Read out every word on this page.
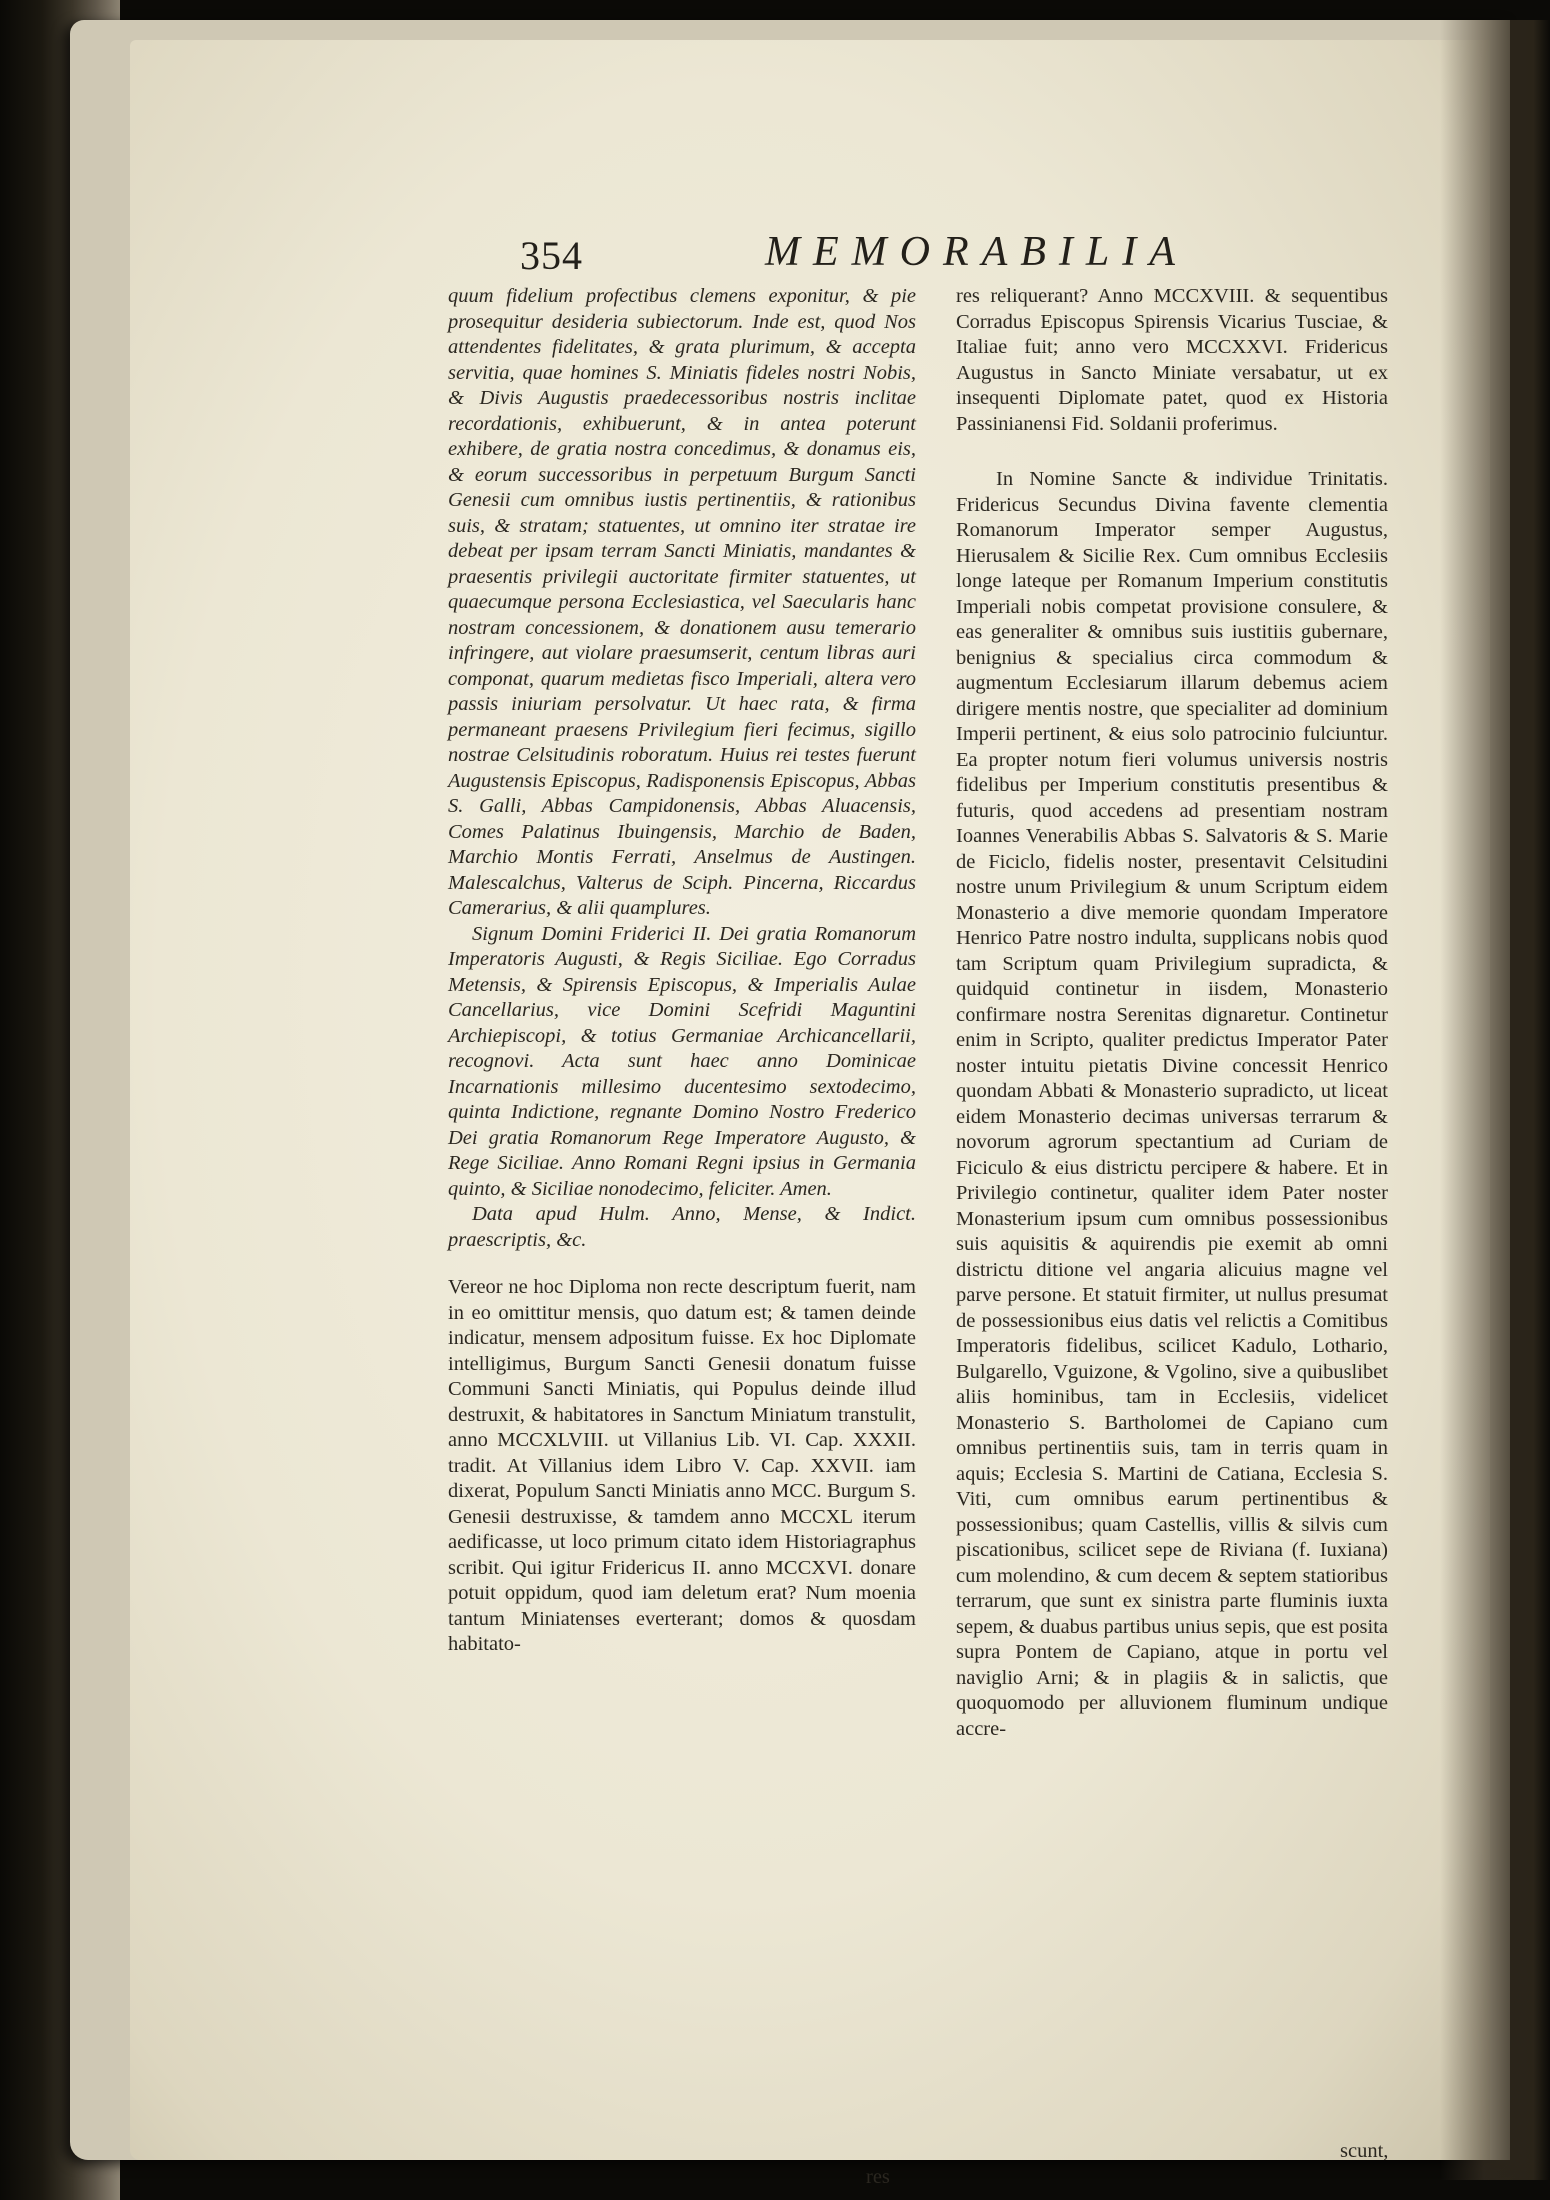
354	MEMORABILIA

quum fidelium profectibus clemens exponitur, & pie prosequitur desideria subiectorum. Inde est, quod Nos attendentes fidelitates, & grata plurimum, & accepta servitia, quae homines S. Miniatis fideles nostri Nobis, & Divis Augustis praedecessoribus nostris inclitae recordationis, exhibuerunt, & in antea poterunt exhibere, de gratia nostra concedimus, & donamus eis, & eorum successoribus in perpetuum Burgum Sancti Genesii cum omnibus iustis pertinentiis, & rationibus suis, & stratam; statuentes, ut omnino iter stratae ire debeat per ipsam terram Sancti Miniatis, mandantes & praesentis privilegii auctoritate firmiter statuentes, ut quaecumque persona Ecclesiastica, vel Saecularis hanc nostram concessionem, & donationem ausu temerario infringere, aut violare praesumserit, centum libras auri componat, quarum medietas fisco Imperiali, altera vero passis iniuriam persolvatur. Ut haec rata, & firma permaneant praesens Privilegium fieri fecimus, sigillo nostrae Celsitudinis roboratum. Huius rei testes fuerunt Augustensis Episcopus, Radisponensis Episcopus, Abbas S. Galli, Abbas Campidonensis, Abbas Aluacensis, Comes Palatinus Ibuingensis, Marchio de Baden, Marchio Montis Ferrati, Anselmus de Austingen. Malescalchus, Valterus de Sciph. Pincerna, Riccardus Camerarius, & alii quamplures.

Signum Domini Friderici II. Dei gratia Romanorum Imperatoris Augusti, & Regis Siciliae. Ego Corradus Metensis, & Spirensis Episcopus, & Imperialis Aulae Cancellarius, vice Domini Scefridi Maguntini Archiepiscopi, & totius Germaniae Archicancellarii, recognovi. Acta sunt haec anno Dominicae Incarnationis millesimo ducentesimo sextodecimo, quinta Indictione, regnante Domino Nostro Frederico Dei gratia Romanorum Rege Imperatore Augusto, & Rege Siciliae. Anno Romani Regni ipsius in Germania quinto, & Siciliae nonodecimo, feliciter. Amen.

Data apud Hulm. Anno, Mense, & Indict. praescriptis, &c.

Vereor ne hoc Diploma non recte descriptum fuerit, nam in eo omittitur mensis, quo datum est; & tamen deinde indicatur, mensem adpositum fuisse. Ex hoc Diplomate intelligimus, Burgum Sancti Genesii donatum fuisse Communi Sancti Miniatis, qui Populus deinde illud destruxit, & habitatores in Sanctum Miniatum transtulit, anno MCCXLVIII. ut Villanius Lib. VI. Cap. XXXII. tradit. At Villanius idem Libro V. Cap. XXVII. iam dixerat, Populum Sancti Miniatis anno MCC. Burgum S. Genesii destruxisse, & tamdem anno MCCXL iterum aedificasse, ut loco primum citato idem Historiagraphus scribit. Qui igitur Fridericus II. anno MCCXVI. donare potuit oppidum, quod iam deletum erat? Num moenia tantum Miniatenses everterant; domos & quosdam habitato-

res

res reliquerant? Anno MCCXVIII. & sequentibus Corradus Episcopus Spirensis Vicarius Tusciae, & Italiae fuit; anno vero MCCXXVI. Fridericus Augustus in Sancto Miniate versabatur, ut ex insequenti Diplomate patet, quod ex Historia Passinianensi Fid. Soldanii proferimus.

In Nomine Sancte & individue Trinitatis. Fridericus Secundus Divina favente clementia Romanorum Imperator semper Augustus, Hierusalem & Sicilie Rex. Cum omnibus Ecclesiis longe lateque per Romanum Imperium constitutis Imperiali nobis competat provisione consulere, & eas generaliter & omnibus suis iustitiis gubernare, benignius & specialius circa commodum & augmentum Ecclesiarum illarum debemus aciem dirigere mentis nostre, que specialiter ad dominium Imperii pertinent, & eius solo patrocinio fulciuntur. Ea propter notum fieri volumus universis nostris fidelibus per Imperium constitutis presentibus & futuris, quod accedens ad presentiam nostram Ioannes Venerabilis Abbas S. Salvatoris & S. Marie de Ficiclo, fidelis noster, presentavit Celsitudini nostre unum Privilegium & unum Scriptum eidem Monasterio a dive memorie quondam Imperatore Henrico Patre nostro indulta, supplicans nobis quod tam Scriptum quam Privilegium supradicta, & quidquid continetur in iisdem, Monasterio confirmare nostra Serenitas dignaretur. Continetur enim in Scripto, qualiter predictus Imperator Pater noster intuitu pietatis Divine concessit Henrico quondam Abbati & Monasterio supradicto, ut liceat eidem Monasterio decimas universas terrarum & novorum agrorum spectantium ad Curiam de Ficiculo & eius districtu percipere & habere. Et in Privilegio continetur, qualiter idem Pater noster Monasterium ipsum cum omnibus possessionibus suis aquisitis & aquirendis pie exemit ab omni districtu ditione vel angaria alicuius magne vel parve persone. Et statuit firmiter, ut nullus presumat de possessionibus eius datis vel relictis a Comitibus Imperatoris fidelibus, scilicet Kadulo, Lothario, Bulgarello, Vguizone, & Vgolino, sive a quibuslibet aliis hominibus, tam in Ecclesiis, videlicet Monasterio S. Bartholomei de Capiano cum omnibus pertinentiis suis, tam in terris quam in aquis; Ecclesia S. Martini de Catiana, Ecclesia S. Viti, cum omnibus earum pertinentibus & possessionibus; quam Castellis, villis & silvis cum piscationibus, scilicet sepe de Riviana (f. Iuxiana) cum molendino, & cum decem & septem statioribus terrarum, que sunt ex sinistra parte fluminis iuxta sepem, & duabus partibus unius sepis, que est posita supra Pontem de Capiano, atque in portu vel naviglio Arni; & in plagiis & in salictis, que quoquomodo per alluvionem fluminum undique accre-

scunt,
